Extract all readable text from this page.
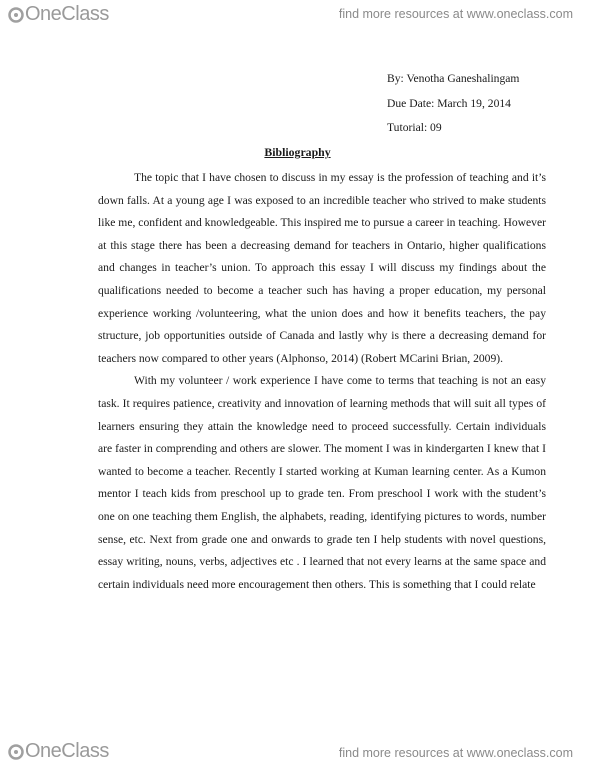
OneClass	find more resources at www.oneclass.com
By: Venotha Ganeshalingam
Due Date: March 19, 2014
Tutorial: 09
Bibliography

The topic that I have chosen to discuss in my essay is the profession of teaching and it’s down falls. At a young age I was exposed to an incredible teacher who strived to make students like me, confident and knowledgeable. This inspired me to pursue a career in teaching. However at this stage there has been a decreasing demand for teachers in Ontario, higher qualifications and changes in teacher’s union. To approach this essay I will discuss my findings about the qualifications needed to become a teacher such has having a proper education, my personal experience working /volunteering, what the union does and how it benefits teachers, the pay structure, job opportunities outside of Canada and lastly why is there a decreasing demand for teachers now compared to other years (Alphonso, 2014) (Robert MCarini Brian, 2009).

With my volunteer / work experience I have come to terms that teaching is not an easy task. It requires patience, creativity and innovation of learning methods that will suit all types of learners ensuring they attain the knowledge need to proceed successfully. Certain individuals are faster in comprending and others are slower. The moment I was in kindergarten I knew that I wanted to become a teacher. Recently I started working at Kuman learning center. As a Kumon mentor I teach kids from preschool up to grade ten. From preschool I work with the student’s one on one teaching them English, the alphabets, reading, identifying pictures to words, number sense, etc. Next from grade one and onwards to grade ten I help students with novel questions, essay writing, nouns, verbs, adjectives etc . I learned that not every learns at the same space and certain individuals need more encouragement then others. This is something that I could relate

OneClass	find more resources at www.oneclass.com
